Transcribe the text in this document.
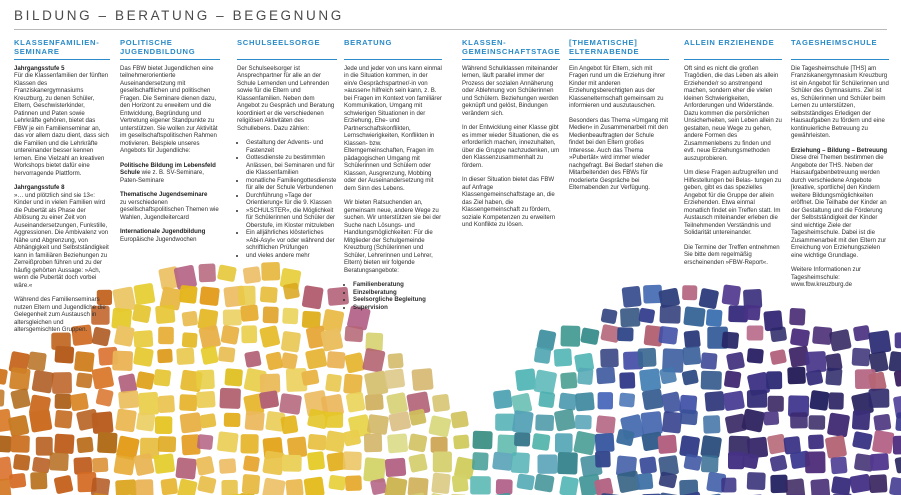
BILDUNG – BERATUNG – BEGEGNUNG
KLASSENFAMILIEN-SEMINARE
Jahrgangsstufe 5

Für die Klassenfamilien der fünften Klassen des Franziskanergymnasiums Kreuzburg, zu denen Schüler, Eltern, Geschwisterkinder, Patinnen und Paten sowie Lehrkräfte gehören, bietet das FBW je ein Familienseminar an, das vor allem dazu dient, dass sich die Familien und die Lehrkräfte untereinander besser kennen lernen. Eine Vielzahl an kreativen Workshops bietet dafür eine hervorragende Plattform.

Jahrgangsstufe 8

»… und plötzlich sind sie 13«: Kinder und in vielen Familien wird die Pubertät als Phase der Ablösung zu einer Zeit von Auseinandersetzungen, Funkstille, Aggressionen. Die Ambivalenz von Nähe und Abgrenzung, von Abhängigkeit und Selbstständigkeit kann in familiären Beziehungen zu Zerreißproben führen und zu der häufig gehörten Aussage: »Ach, wenn die Pubertät doch vorbei wäre.«

Während des Familienseminars nutzen Eltern und Jugendliche die Gelegenheit zum Austausch in altersgleichen und altersgemischten Gruppen.

POLITISCHE JUGENDBILDUNG

Das FBW bietet Jugendlichen eine teilnehmerorientierte Auseinandersetzung mit gesellschaftlichen und politischen Fragen. Die Seminare dienen dazu, den Horizont zu erweitern und die Entwicklung, Begründung und Vertretung eigener Standpunkte zu unterstützen. Sie wollen zur Aktivität im gesellschaftspolitischen Rahmen motivieren. Beispiele unseres Angebots für Jugendliche:

Politische Bildung im Lebensfeld Schule wie z. B. SV-Seminare, Paten-Seminare

Thematische Jugendseminare

zu verschiedenen gesellschaftspolitischen Themen wie Wahlen, Jugendleitercard

Internationale Jugendbildung

Europäische Jugendwochen

SCHULSEELSORGE

Der Schulseelsorger ist Ansprechpartner für alle an der Schule Lernenden und Lehrenden sowie für die Eltern und Klassenfamilien. Neben dem Angebot zu Gespräch und Beratung koordiniert er die verschiedenen religiösen Aktivitäten des Schullebens. Dazu zählen:

• Gestaltung der Advents- und Fastenzeit
• Gottesdienste zu bestimmten Anlässen, bei Seminaren und für die Klassenfamilien
• monatliche Familiengottesdienste für alle der Schule Verbundenen
• Durchführung »Tage der Orientierung« für die 9. Klassen
• »SCHULSTER«, die Möglichkeit für Schülerinnen und Schüler der Oberstufe, im Kloster mitzuleben
• Ein alljährliches klösterliches »Abi-Asyl« vor oder während der schriftlichen Prüfungen
• und vieles andere mehr
BERATUNG

Jede und jeder von uns kann einmal in die Situation kommen, in der ein/e Gesprächspartner/-in von »aussen« hilfreich sein kann, z. B. bei Fragen im Kontext von familiärer Kommunikation, Umgang mit schwierigen Situationen in der Erziehung, Ehe- und Partnerschaftskonflikten, Lernschwierigkeiten, Konflikten in Klassen- bzw. Elterngemeinschaften, Fragen im pädagogischen Umgang mit Schülerinnen und Schülern oder Klassen, Ausgrenzung, Mobbing oder der Auseinandersetzung mit dem Sinn des Lebens.

Wir bieten Ratsuchenden an, gemeinsam neue, andere Wege zu suchen. Wir unterstützen sie bei der Suche nach Lösungs- und Handlungsmöglichkeiten: Für die Mitglieder der Schulgemeinde Kreuzburg (Schülerinnen und Schüler, Lehrerinnen und Lehrer, Eltern) bieten wir folgende Beratungsangebote:

• Familienberatung
• Einzelberatung
• Seelsorgliche Begleitung
• Supervision
KLASSEN-GEMEINSCHAFTSTAGE

Während Schulklassen miteinander lernen, läuft parallel immer der Prozess der sozialen Annäherung oder Ablehnung von Schülerinnen und Schülern. Beziehungen werden geknüpft und gelöst, Bindungen verändern sich.

In der Entwicklung einer Klasse gibt es immer wieder Situationen, die es erforderlich machen, innezuhalten, über die Gruppe nachzudenken, um den Klassenzusammenhalt zu fördern.

In dieser Situation bietet das FBW auf Anfrage Klassengemeinschaftstage an, die das Ziel haben, die Klassengemeinschaft zu fördern, soziale Kompetenzen zu erweitern und Konflikte zu lösen.

[THEMATISCHE] ELTERNABENDE

Ein Angebot für Eltern, sich mit Fragen rund um die Erziehung ihrer Kinder mit anderen Erziehungsberechtigten aus der Klassenelternschaft gemeinsam zu informieren und auszutauschen.

Besonders das Thema »Umgang mit Medien« in Zusammenarbeit mit den Medienbeauftragten der Schule findet bei den Eltern großes Interesse. Auch das Thema »Pubertät« wird immer wieder nachgefragt. Bei Bedarf stehen die Mitarbeitenden des FBWs für moderierte Gespräche bei Elternabenden zur Verfügung.

ALLEIN ERZIEHENDE

Oft sind es nicht die großen Tragödien, die das Leben als allein Erziehende/r so anstrengend machen, sondern eher die vielen kleinen Schwierigkeiten, Anforderungen und Widerstände. Dazu kommen die persönlichen Unsicherheiten, sein Leben allein zu gestalten, neue Wege zu gehen, andere Formen des Zusammenlebens zu finden und evtl. neue Erziehungsmethoden auszuprobieren.

Um diese Fragen aufzugreifen und Hilfestellungen bei Belas- tungen zu geben, gibt es das spezielles Angebot für die Gruppe der allein Erziehenden. Etwa einmal monatlich findet ein Treffen statt. Im Austausch miteinander erleben die Teilnehmenden Verständnis und Solidarität untereinander.

Die Termine der Treffen entnehmen Sie bitte dem regelmäßig erscheinenden »FBW-Report«.

TAGESHEIMSCHULE

Die Tagesheimschule [THS] am Franziskanergymnasium Kreuzburg ist ein Angebot für Schülerinnen und Schüler des Gymnasiums. Ziel ist es, Schülerinnen und Schüler beim Lernen zu unterstützen, selbstständiges Erledigen der Hausaufgaben zu fördern und eine kontinuierliche Betreuung zu gewährleisten.

Erziehung – Bildung – Betreuung Diese drei Themen bestimmen die Angebote der THS. Neben der Hausaufgabenbetreuung werden durch verschiedene Angebote [kreative, sportliche] den Kindern weitere Bildungsmöglichkeiten eröffnet. Die Teilhabe der Kinder an der Gestaltung und die Förderung der Selbstständigkeit der Kinder sind wichtige Ziele der Tagesheimschule. Dabei ist die Zusammenarbeit mit den Eltern zur Erreichung von Erziehungszielen eine wichtige Grundlage.

Weitere Informationen zur Tagesheimschule: www.fbw.kreuzburg.de
